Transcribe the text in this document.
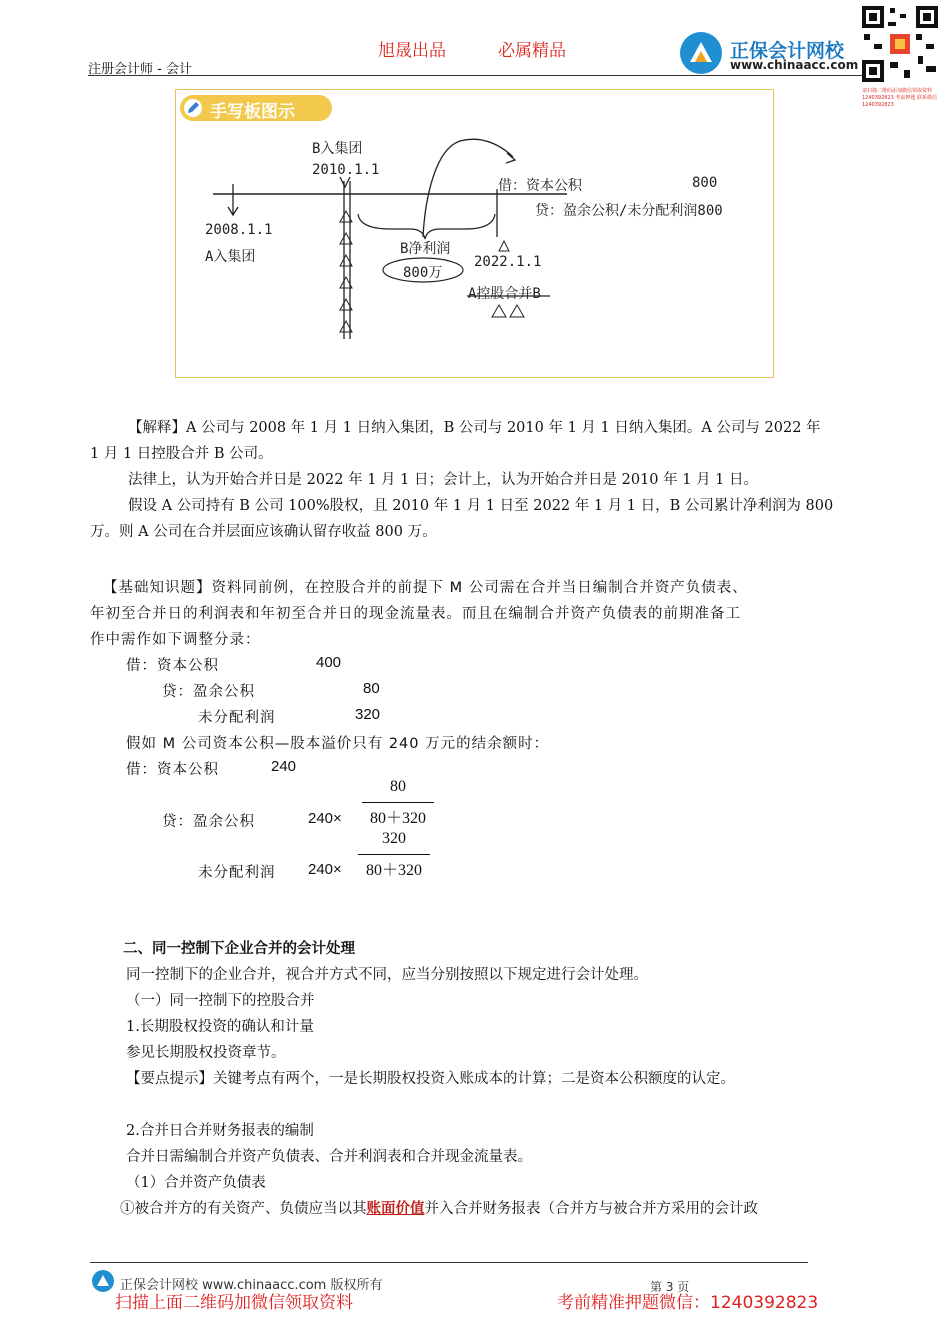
注册会计师 - 会计
旭晟出品	必属精品	正保会计网校
www.chinaacc.com
请扫描二维码添加微信领取资料 1240392823 考前押题 联系微信 1240392823
手写板图示
B入集团
2010.1.1
2008.1.1
A入集团	B净利润
800万
2022.1.1
A控股合并B
借：资本公积	800
贷：盈余公积/未分配利润800
【解释】A 公司与 2008 年 1 月 1 日纳入集团，B 公司与 2010 年 1 月 1 日纳入集团。A 公司与 2022 年
1 月 1 日控股合并 B 公司。
法律上，认为开始合并日是 2022 年 1 月 1 日；会计上，认为开始合并日是 2010 年 1 月 1 日。
假设 A 公司持有 B 公司 100%股权，且 2010 年 1 月 1 日至 2022 年 1 月 1 日，B 公司累计净利润为 800
万。则 A 公司在合并层面应该确认留存收益 800 万。
【基础知识题】资料同前例，在控股合并的前提下 M 公司需在合并当日编制合并资产负债表、
年初至合并日的利润表和年初至合并日的现金流量表。而且在编制合并资产负债表的前期准备工
作中需作如下调整分录：
借：资本公积	400
贷：盈余公积	80
未分配利润	320
假如 M 公司资本公积—股本溢价只有 240 万元的结余额时：
借：资本公积	240
贷：盈余公积	240×
80
80＋320
未分配利润 240×
320
80＋320
二、同一控制下企业合并的会计处理
同一控制下的企业合并，视合并方式不同，应当分别按照以下规定进行会计处理。
（一）同一控制下的控股合并
1.长期股权投资的确认和计量
参见长期股权投资章节。
【要点提示】关键考点有两个，一是长期股权投资入账成本的计算；二是资本公积额度的认定。
2.合并日合并财务报表的编制
合并日需编制合并资产负债表、合并利润表和合并现金流量表。
（1）合并资产负债表
①被合并方的有关资产、负债应当以其账面价值并入合并财务报表（合并方与被合并方采用的会计政
正保会计网校 www.chinaacc.com 版权所有	第 3 页
扫描上面二维码加微信领取资料	考前精准押题微信：1240392823
